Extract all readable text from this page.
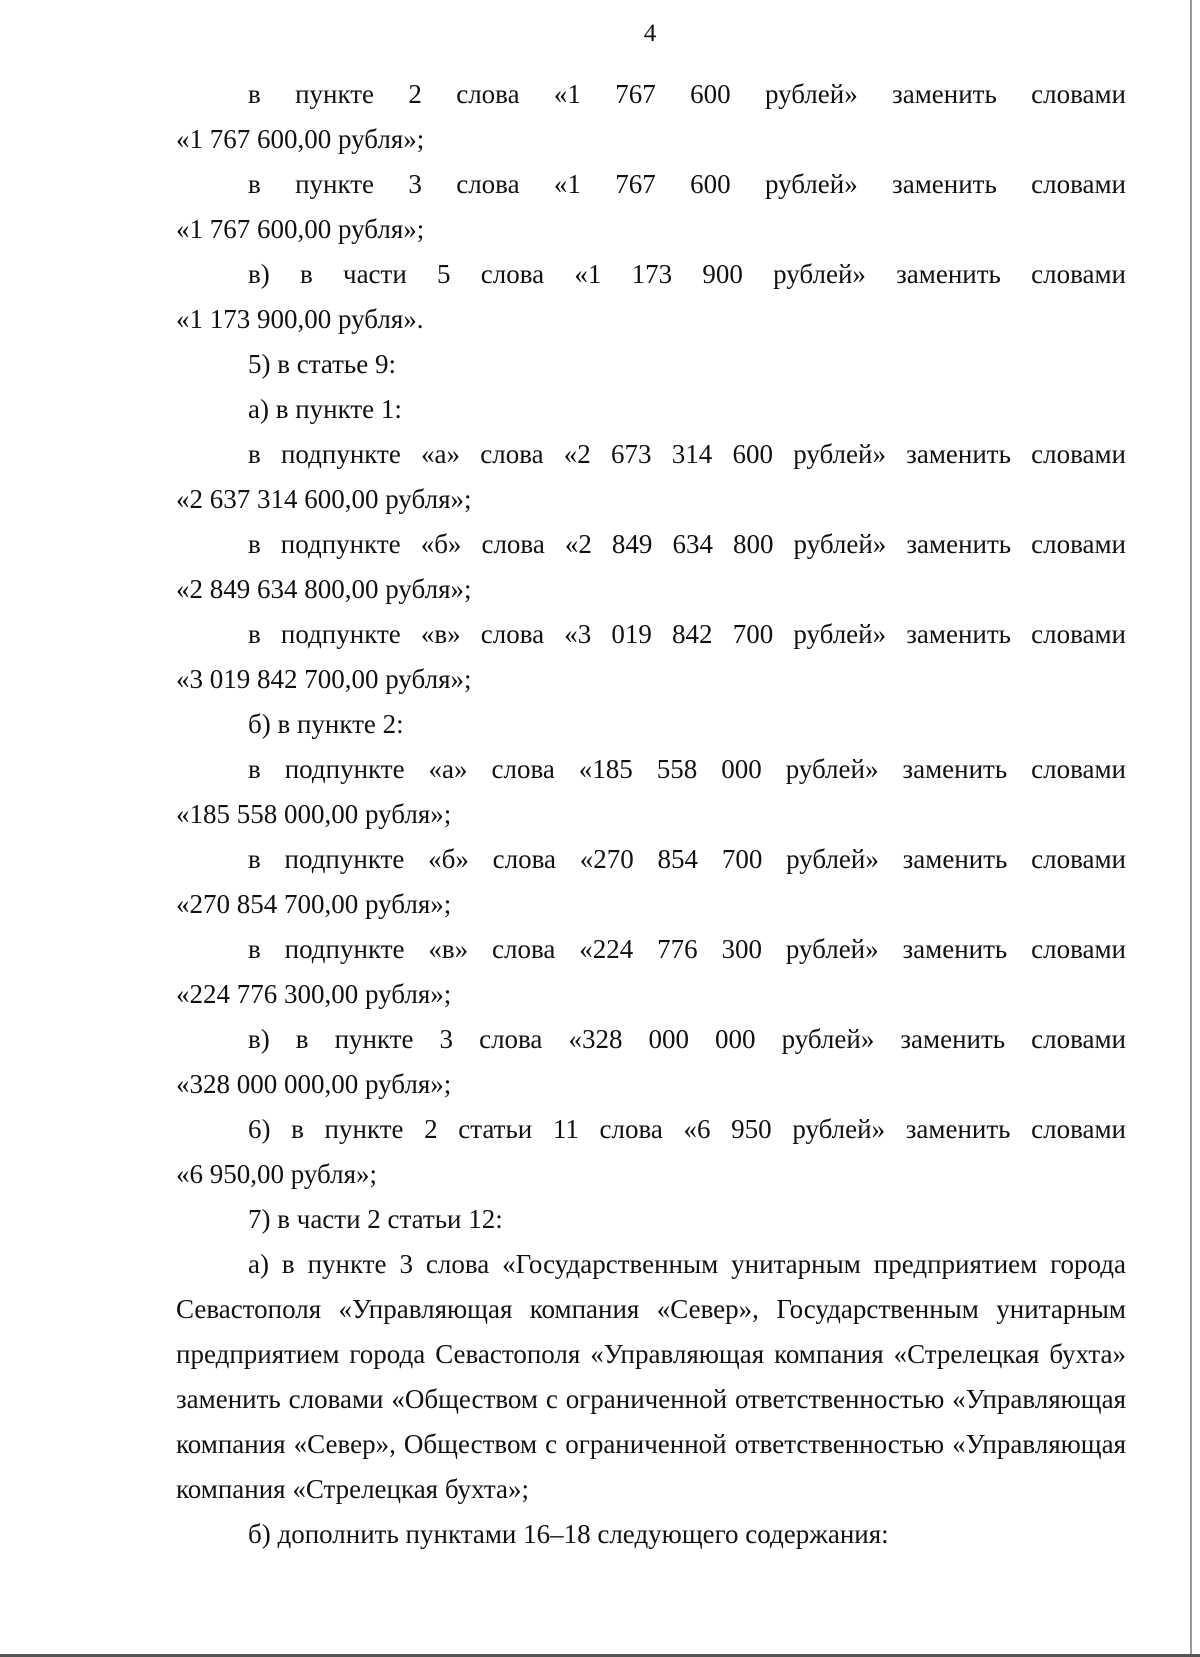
4

в пункте 2 слова «1 767 600 рублей» заменить словами

«1 767 600,00 рубля»;

в пункте 3 слова «1 767 600 рублей» заменить словами

«1 767 600,00 рубля»;

в) в части 5 слова «1 173 900 рублей» заменить словами

«1 173 900,00 рубля».

5) в статье 9:

а) в пункте 1:

в подпункте «а» слова «2 673 314 600 рублей» заменить словами

«2 637 314 600,00 рубля»;

в подпункте «б» слова «2 849 634 800 рублей» заменить словами

«2 849 634 800,00 рубля»;

в подпункте «в» слова «3 019 842 700 рублей» заменить словами

«3 019 842 700,00 рубля»;

б) в пункте 2:

в подпункте «а» слова «185 558 000 рублей» заменить словами

«185 558 000,00 рубля»;

в подпункте «б» слова «270 854 700 рублей» заменить словами

«270 854 700,00 рубля»;

в подпункте «в» слова «224 776 300 рублей» заменить словами

«224 776 300,00 рубля»;

в) в пункте 3 слова «328 000 000 рублей» заменить словами

«328 000 000,00 рубля»;

6) в пункте 2 статьи 11 слова «6 950 рублей» заменить словами

«6 950,00 рубля»;

7) в части 2 статьи 12:

а) в пункте 3 слова «Государственным унитарным предприятием города Севастополя «Управляющая компания «Север», Государственным унитарным предприятием города Севастополя «Управляющая компания «Стрелецкая бухта» заменить словами «Обществом с ограниченной ответственностью «Управляющая компания «Север», Обществом с ограниченной ответственностью «Управляющая компания «Стрелецкая бухта»;

б) дополнить пунктами 16–18 следующего содержания:
